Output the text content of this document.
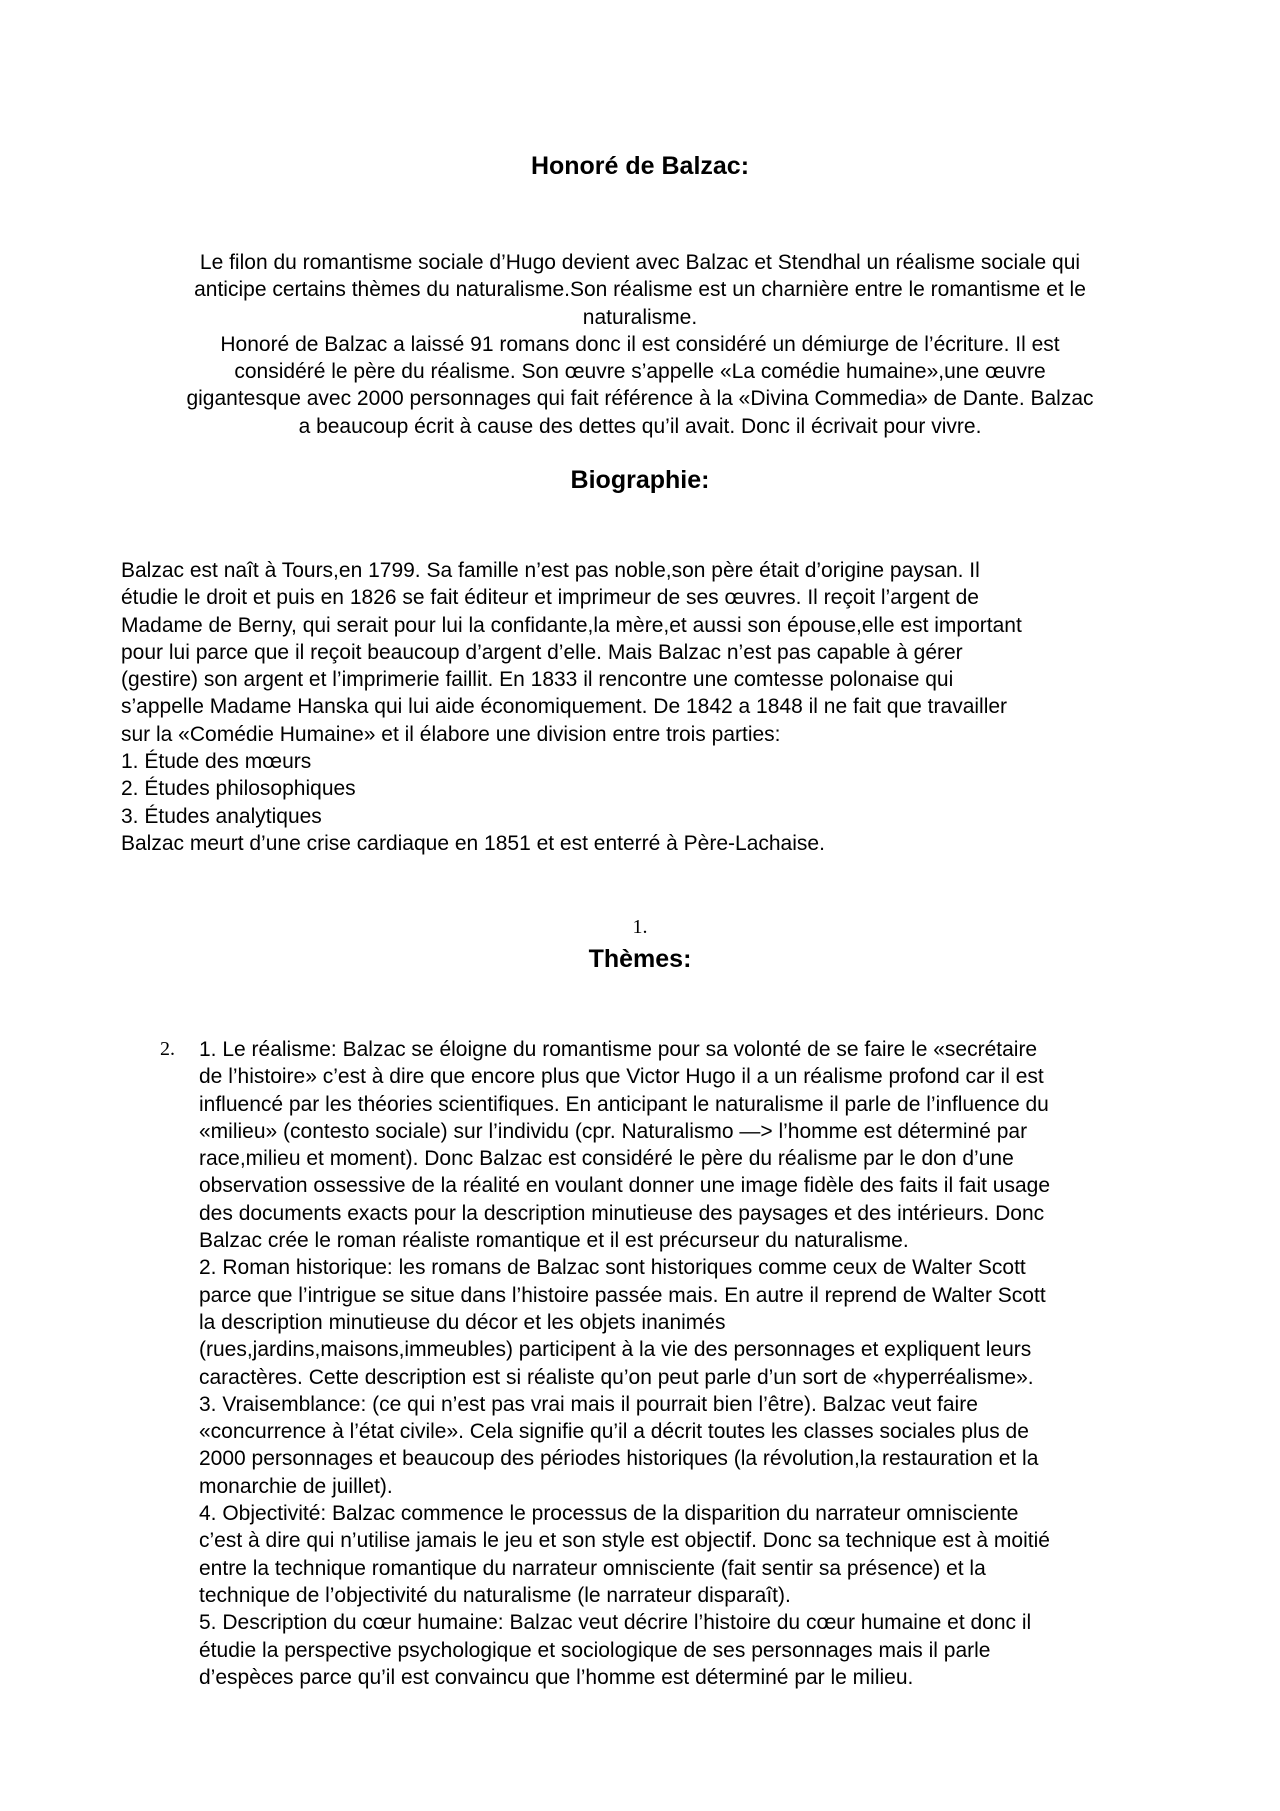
Honoré de Balzac:

Le filon du romantisme sociale d’Hugo devient avec Balzac et Stendhal un réalisme sociale qui

anticipe certains thèmes du naturalisme.Son réalisme est un charnière entre le romantisme et le

naturalisme.

Honoré de Balzac a laissé 91 romans donc il est considéré un démiurge de l’écriture. Il est

considéré le père du réalisme. Son œuvre s’appelle «La comédie humaine»,une œuvre

gigantesque avec 2000 personnages qui fait référence à la «Divina Commedia» de Dante. Balzac

a beaucoup écrit à cause des dettes qu’il avait. Donc il écrivait pour vivre.

Biographie:
Balzac est naît à Tours,en 1799. Sa famille n’est pas noble,son père était d’origine paysan. Il
étudie le droit et puis en 1826 se fait éditeur et imprimeur de ses œuvres. Il reçoit l’argent de
Madame de Berny, qui serait pour lui la confidante,la mère,et aussi son épouse,elle est important
pour lui parce que il reçoit beaucoup d’argent d’elle. Mais Balzac n’est pas capable à gérer
(gestire) son argent et l’imprimerie faillit. En 1833 il rencontre une comtesse polonaise qui
s’appelle Madame Hanska qui lui aide économiquement. De 1842 a 1848 il ne fait que travailler
sur la «Comédie Humaine» et il élabore une division entre trois parties:
1. Étude des mœurs
2. Études philosophiques
3. Études analytiques
Balzac meurt d’une crise cardiaque en 1851 et est enterré à Père-Lachaise.
1.
Thèmes:
2. 1. Le réalisme: Balzac se éloigne du romantisme pour sa volonté de se faire le «secrétaire
de l’histoire» c’est à dire que encore plus que Victor Hugo il a un réalisme profond car il est
influencé par les théories scientifiques. En anticipant le naturalisme il parle de l’influence du
«milieu» (contesto sociale) sur l’individu (cpr. Naturalismo —> l’homme est déterminé par
race,milieu et moment). Donc Balzac est considéré le père du réalisme par le don d’une
observation ossessive de la réalité en voulant donner une image fidèle des faits il fait usage
des documents exacts pour la description minutieuse des paysages et des intérieurs. Donc
Balzac crée le roman réaliste romantique et il est précurseur du naturalisme.
2. Roman historique: les romans de Balzac sont historiques comme ceux de Walter Scott
parce que l’intrigue se situe dans l’histoire passée mais. En autre il reprend de Walter Scott
la description minutieuse du décor et les objets inanimés
(rues,jardins,maisons,immeubles) participent à la vie des personnages et expliquent leurs
caractères. Cette description est si réaliste qu’on peut parle d’un sort de «hyperréalisme».
3. Vraisemblance: (ce qui n’est pas vrai mais il pourrait bien l’être). Balzac veut faire
«concurrence à l’état civile». Cela signifie qu’il a décrit toutes les classes sociales plus de
2000 personnages et beaucoup des périodes historiques (la révolution,la restauration et la
monarchie de juillet).
4. Objectivité: Balzac commence le processus de la disparition du narrateur omnisciente
c’est à dire qui n’utilise jamais le jeu et son style est objectif. Donc sa technique est à moitié
entre la technique romantique du narrateur omnisciente (fait sentir sa présence) et la
technique de l’objectivité du naturalisme (le narrateur disparaît).
5. Description du cœur humaine: Balzac veut décrire l’histoire du cœur humaine et donc il
étudie la perspective psychologique et sociologique de ses personnages mais il parle
d’espèces parce qu’il est convaincu que l’homme est déterminé par le milieu.
